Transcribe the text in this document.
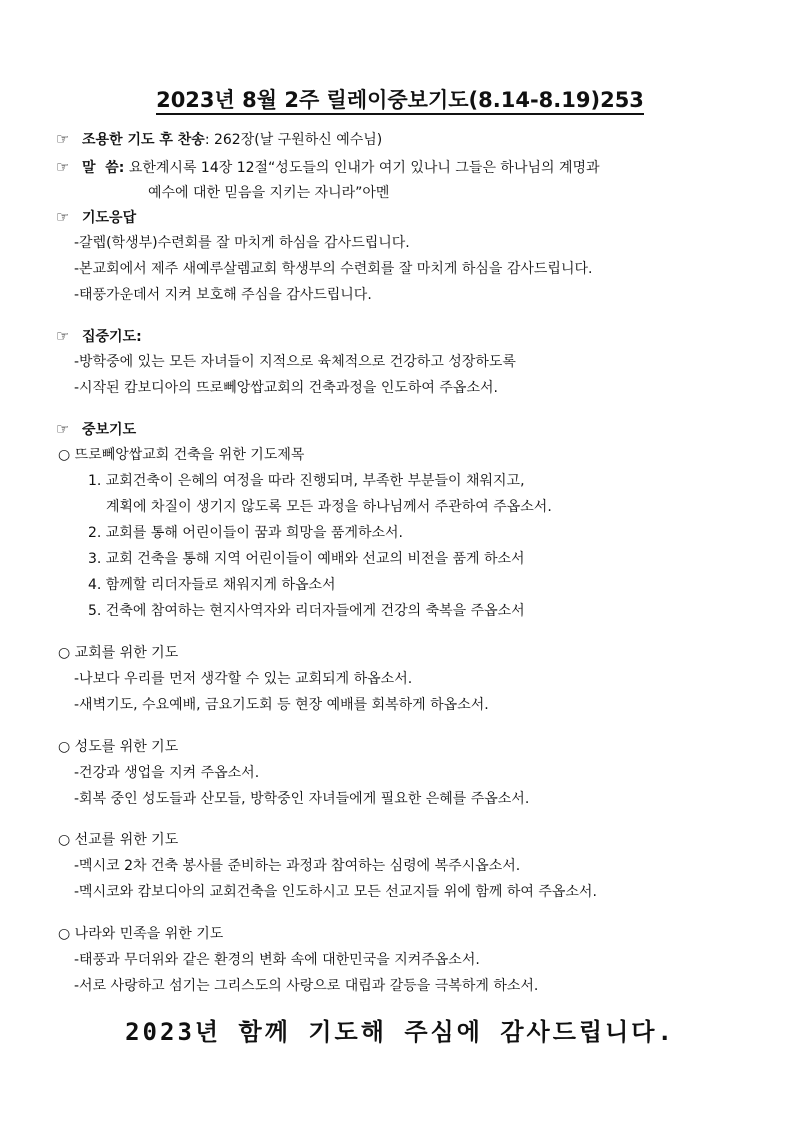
2023년 8월 2주 릴레이중보기도(8.14-8.19)253
☞ 조용한 기도 후 찬송: 262장(날 구원하신 예수님)
☞ 말  씀: 요한계시록 14장 12절“성도들의 인내가 여기 있나니 그들은 하나님의 계명과
예수에 대한 믿음을 지키는 자니라”아멘
☞ 기도응답
-갈렙(학생부)수련회를 잘 마치게 하심을 감사드립니다.
-본교회에서 제주 새예루살렘교회 학생부의 수련회를 잘 마치게 하심을 감사드립니다.
-태풍가운데서 지켜 보호해 주심을 감사드립니다.
☞ 집중기도:
-방학중에 있는 모든 자녀들이 지적으로 육체적으로 건강하고 성장하도록
-시작된 캄보디아의 뜨로뻬앙쌉교회의 건축과정을 인도하여 주옵소서.
☞ 중보기도
○ 뜨로뻬앙쌉교회 건축을 위한 기도제목
1. 교회건축이 은혜의 여정을 따라 진행되며, 부족한 부분들이 채워지고,
계획에 차질이 생기지 않도록 모든 과정을 하나님께서 주관하여 주옵소서.
2. 교회를 통해 어린이들이 꿈과 희망을 품게하소서.
3. 교회 건축을 통해 지역 어린이들이 예배와 선교의 비전을 품게 하소서
4. 함께할 리더자들로 채워지게 하옵소서
5. 건축에 참여하는 현지사역자와 리더자들에게 건강의 축복을 주옵소서
○ 교회를 위한 기도
-나보다 우리를 먼저 생각할 수 있는 교회되게 하옵소서.
-새벽기도, 수요예배, 금요기도회 등 현장 예배를 회복하게 하옵소서.
○ 성도를 위한 기도
-건강과 생업을 지켜 주옵소서.
-회복 중인 성도들과 산모들, 방학중인 자녀들에게 필요한 은혜를 주옵소서.
○ 선교를 위한 기도
-멕시코 2차 건축 봉사를 준비하는 과정과 참여하는 심령에 복주시옵소서.
-멕시코와 캄보디아의 교회건축을 인도하시고 모든 선교지들 위에 함께 하여 주옵소서.
○ 나라와 민족을 위한 기도
-태풍과 무더위와 같은 환경의 변화 속에 대한민국을 지켜주옵소서.
-서로 사랑하고 섬기는 그리스도의 사랑으로 대립과 갈등을 극복하게 하소서.
2023년 함께 기도해 주심에 감사드립니다.
